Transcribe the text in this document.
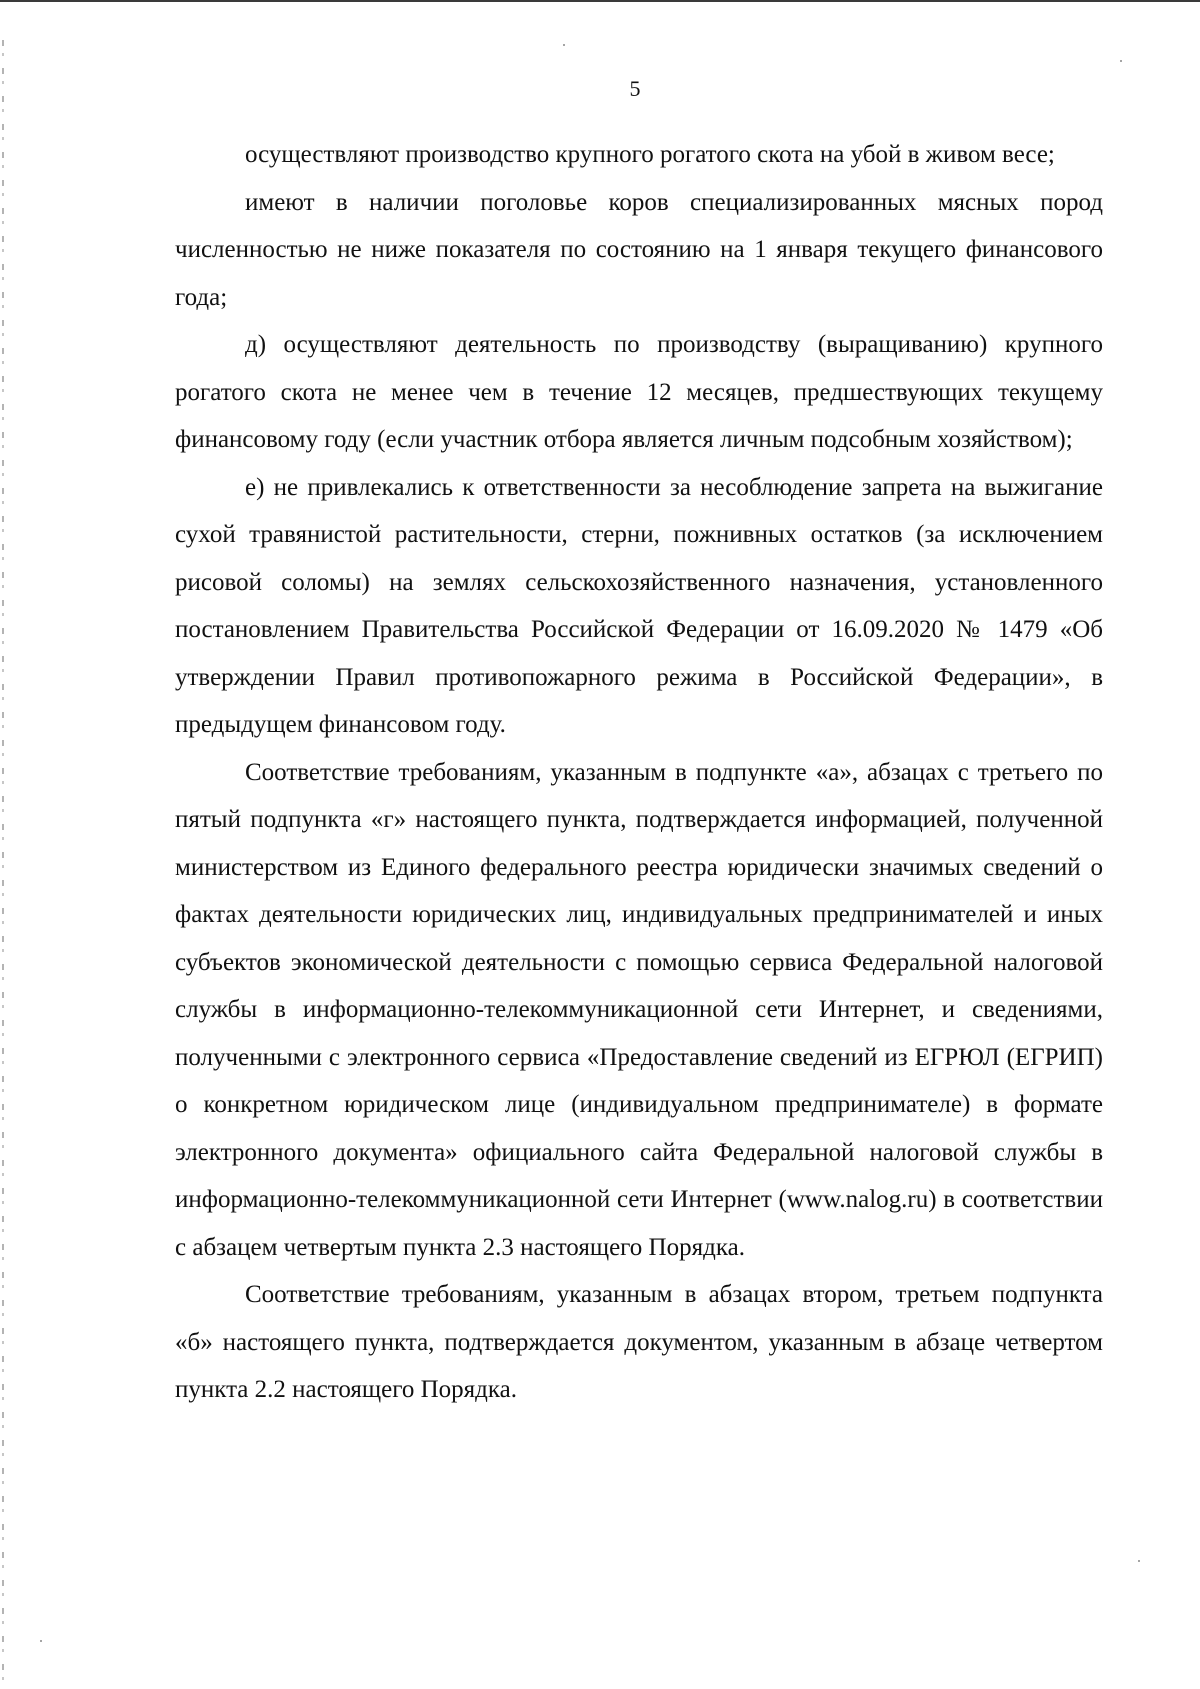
5

осуществляют производство крупного рогатого скота на убой в живом весе;

имеют в наличии поголовье коров специализированных мясных пород численностью не ниже показателя по состоянию на 1 января текущего финансового года;

д) осуществляют деятельность по производству (выращиванию) крупного рогатого скота не менее чем в течение 12 месяцев, предшествующих текущему финансовому году (если участник отбора является личным подсобным хозяйством);

е) не привлекались к ответственности за несоблюдение запрета на выжигание сухой травянистой растительности, стерни, пожнивных остатков (за исключением рисовой соломы) на землях сельскохозяйственного назначения, установленного постановлением Правительства Российской Федерации от 16.09.2020 № 1479 «Об утверждении Правил противопожарного режима в Российской Федерации», в предыдущем финансовом году.

Соответствие требованиям, указанным в подпункте «а», абзацах с третьего по пятый подпункта «г» настоящего пункта, подтверждается информацией, полученной министерством из Единого федерального реестра юридически значимых сведений о фактах деятельности юридических лиц, индивидуальных предпринимателей и иных субъектов экономической деятельности с помощью сервиса Федеральной налоговой службы в информационно-телекоммуникационной сети Интернет, и сведениями, полученными с электронного сервиса «Предоставление сведений из ЕГРЮЛ (ЕГРИП) о конкретном юридическом лице (индивидуальном предпринимателе) в формате электронного документа» официального сайта Федеральной налоговой службы в информационно-телекоммуникационной сети Интернет (www.nalog.ru) в соответствии с абзацем четвертым пункта 2.3 настоящего Порядка.

Соответствие требованиям, указанным в абзацах втором, третьем подпункта «б» настоящего пункта, подтверждается документом, указанным в абзаце четвертом пункта 2.2 настоящего Порядка.
